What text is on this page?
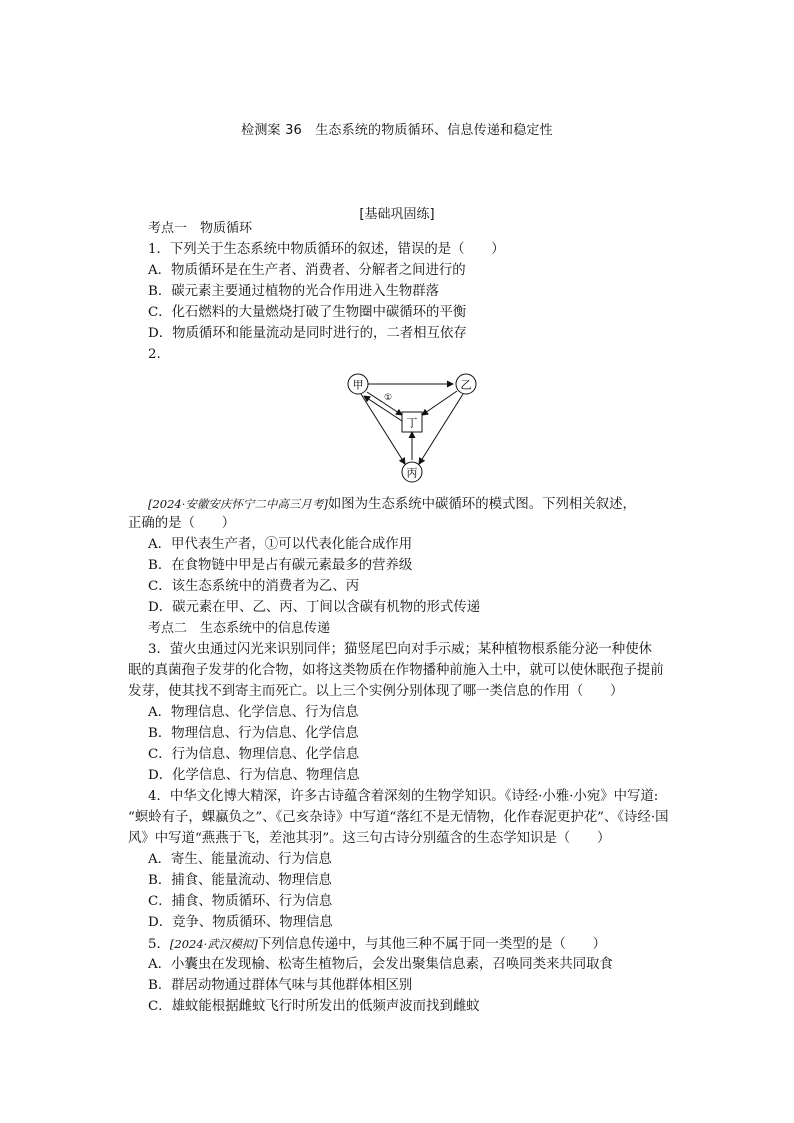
检测案 36　生态系统的物质循环、信息传递和稳定性
[基础巩固练]
考点一　物质循环
1．下列关于生态系统中物质循环的叙述，错误的是（　　）
A．物质循环是在生产者、消费者、分解者之间进行的
B．碳元素主要通过植物的光合作用进入生物群落
C．化石燃料的大量燃烧打破了生物圈中碳循环的平衡
D．物质循环和能量流动是同时进行的，二者相互依存
2.
甲	乙
丁
丙
①
[2024·安徽安庆怀宁二中高三月考]如图为生态系统中碳循环的模式图。下列相关叙述，
正确的是（　　）
A．甲代表生产者，①可以代表化能合成作用
B．在食物链中甲是占有碳元素最多的营养级
C．该生态系统中的消费者为乙、丙
D．碳元素在甲、乙、丙、丁间以含碳有机物的形式传递
考点二　生态系统中的信息传递
3．萤火虫通过闪光来识别同伴；猫竖尾巴向对手示威；某种植物根系能分泌一种使休
眠的真菌孢子发芽的化合物，如将这类物质在作物播种前施入土中，就可以使休眠孢子提前
发芽，使其找不到寄主而死亡。以上三个实例分别体现了哪一类信息的作用（　　）
A．物理信息、化学信息、行为信息
B．物理信息、行为信息、化学信息
C．行为信息、物理信息、化学信息
D．化学信息、行为信息、物理信息
4．中华文化博大精深，许多古诗蕴含着深刻的生物学知识。《诗经·小雅·小宛》中写道:
“螟蛉有子，蜾蠃负之”、《己亥杂诗》中写道“落红不是无情物，化作春泥更护花”、《诗经·国
风》中写道“燕燕于飞，差池其羽”。这三句古诗分别蕴含的生态学知识是（　　）
A．寄生、能量流动、行为信息
B．捕食、能量流动、物理信息
C．捕食、物质循环、行为信息
D．竞争、物质循环、物理信息
5．[2024·武汉模拟]下列信息传递中，与其他三种不属于同一类型的是（　　）
A．小囊虫在发现榆、松寄生植物后，会发出聚集信息素，召唤同类来共同取食
B．群居动物通过群体气味与其他群体相区别
C．雄蚊能根据雌蚊飞行时所发出的低频声波而找到雌蚊
